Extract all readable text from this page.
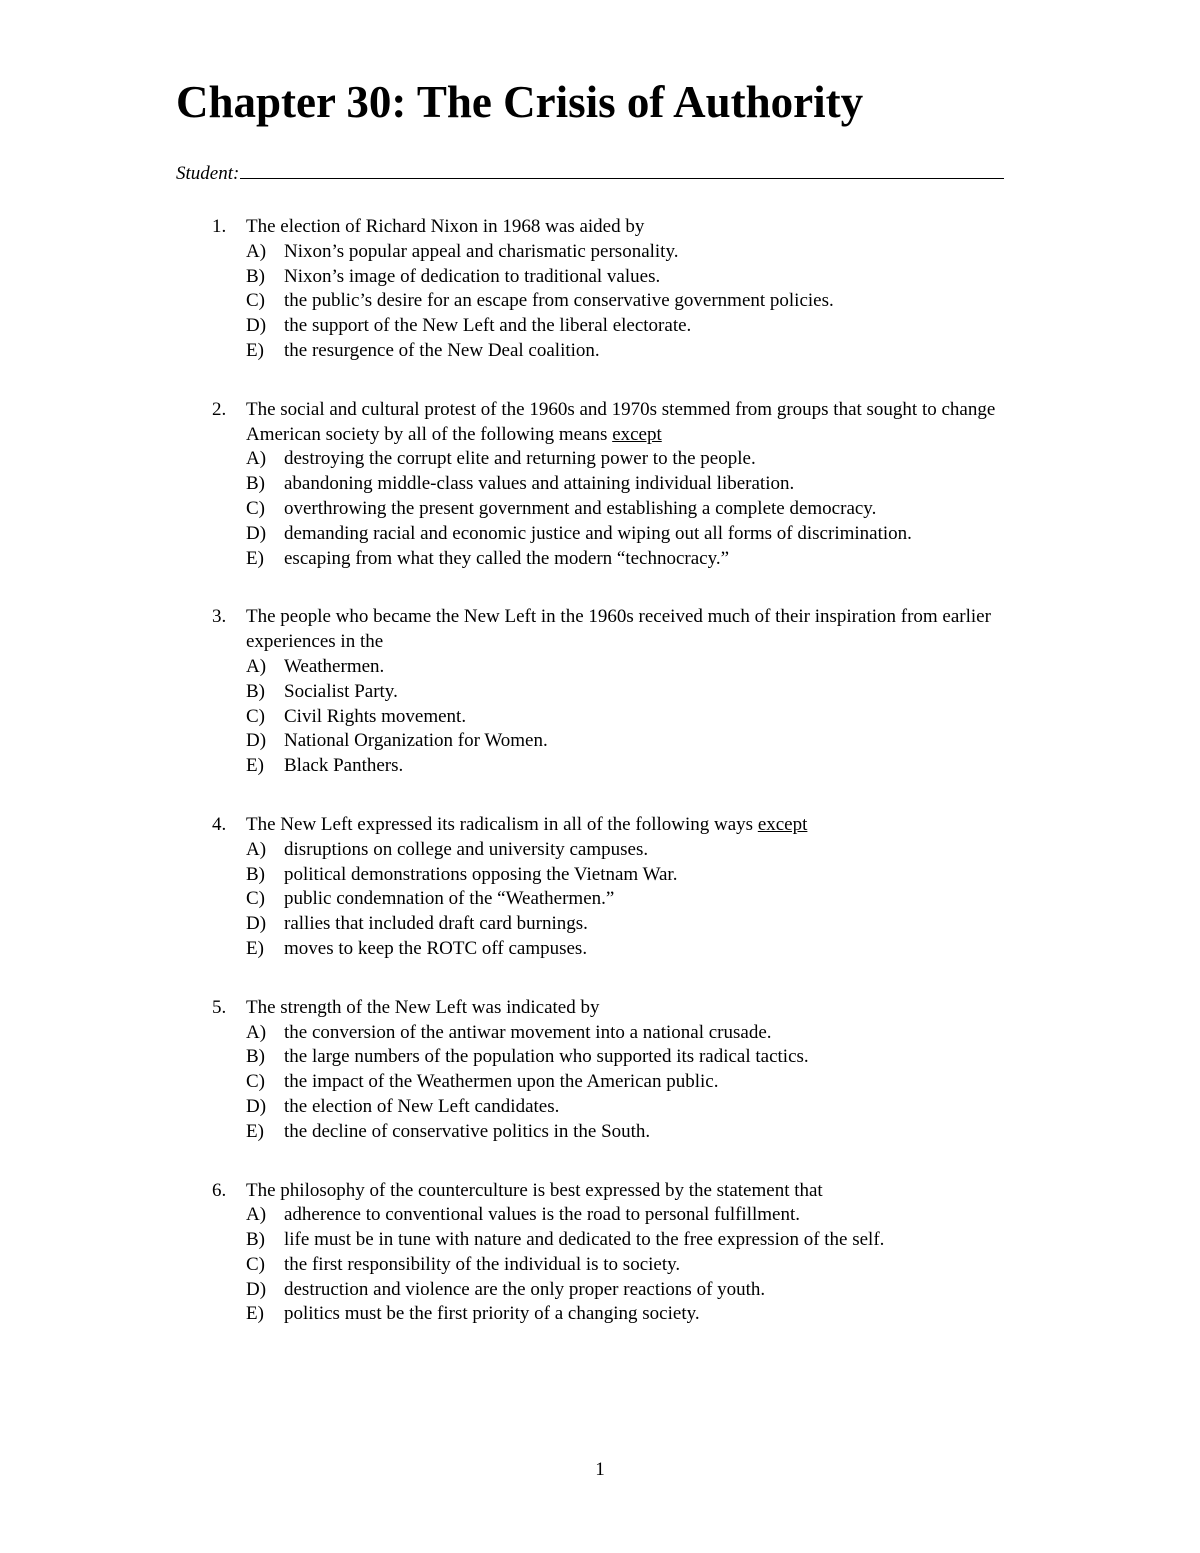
Chapter 30: The Crisis of Authority
Student:
1.	The election of Richard Nixon in 1968 was aided by
A) Nixon’s popular appeal and charismatic personality.
B) Nixon’s image of dedication to traditional values.
C) the public’s desire for an escape from conservative government policies.
D) the support of the New Left and the liberal electorate.
E) the resurgence of the New Deal coalition.
2.	The social and cultural protest of the 1960s and 1970s stemmed from groups that sought to change American society by all of the following means except
A) destroying the corrupt elite and returning power to the people.
B) abandoning middle-class values and attaining individual liberation.
C) overthrowing the present government and establishing a complete democracy.
D) demanding racial and economic justice and wiping out all forms of discrimination.
E) escaping from what they called the modern “technocracy.”
3.	The people who became the New Left in the 1960s received much of their inspiration from earlier experiences in the
A) Weathermen.
B) Socialist Party.
C) Civil Rights movement.
D) National Organization for Women.
E) Black Panthers.
4.	The New Left expressed its radicalism in all of the following ways except
A) disruptions on college and university campuses.
B) political demonstrations opposing the Vietnam War.
C) public condemnation of the “Weathermen.”
D) rallies that included draft card burnings.
E) moves to keep the ROTC off campuses.
5.	The strength of the New Left was indicated by
A) the conversion of the antiwar movement into a national crusade.
B) the large numbers of the population who supported its radical tactics.
C) the impact of the Weathermen upon the American public.
D) the election of New Left candidates.
E) the decline of conservative politics in the South.
6.	The philosophy of the counterculture is best expressed by the statement that
A) adherence to conventional values is the road to personal fulfillment.
B) life must be in tune with nature and dedicated to the free expression of the self.
C) the first responsibility of the individual is to society.
D) destruction and violence are the only proper reactions of youth.
E) politics must be the first priority of a changing society.
1
